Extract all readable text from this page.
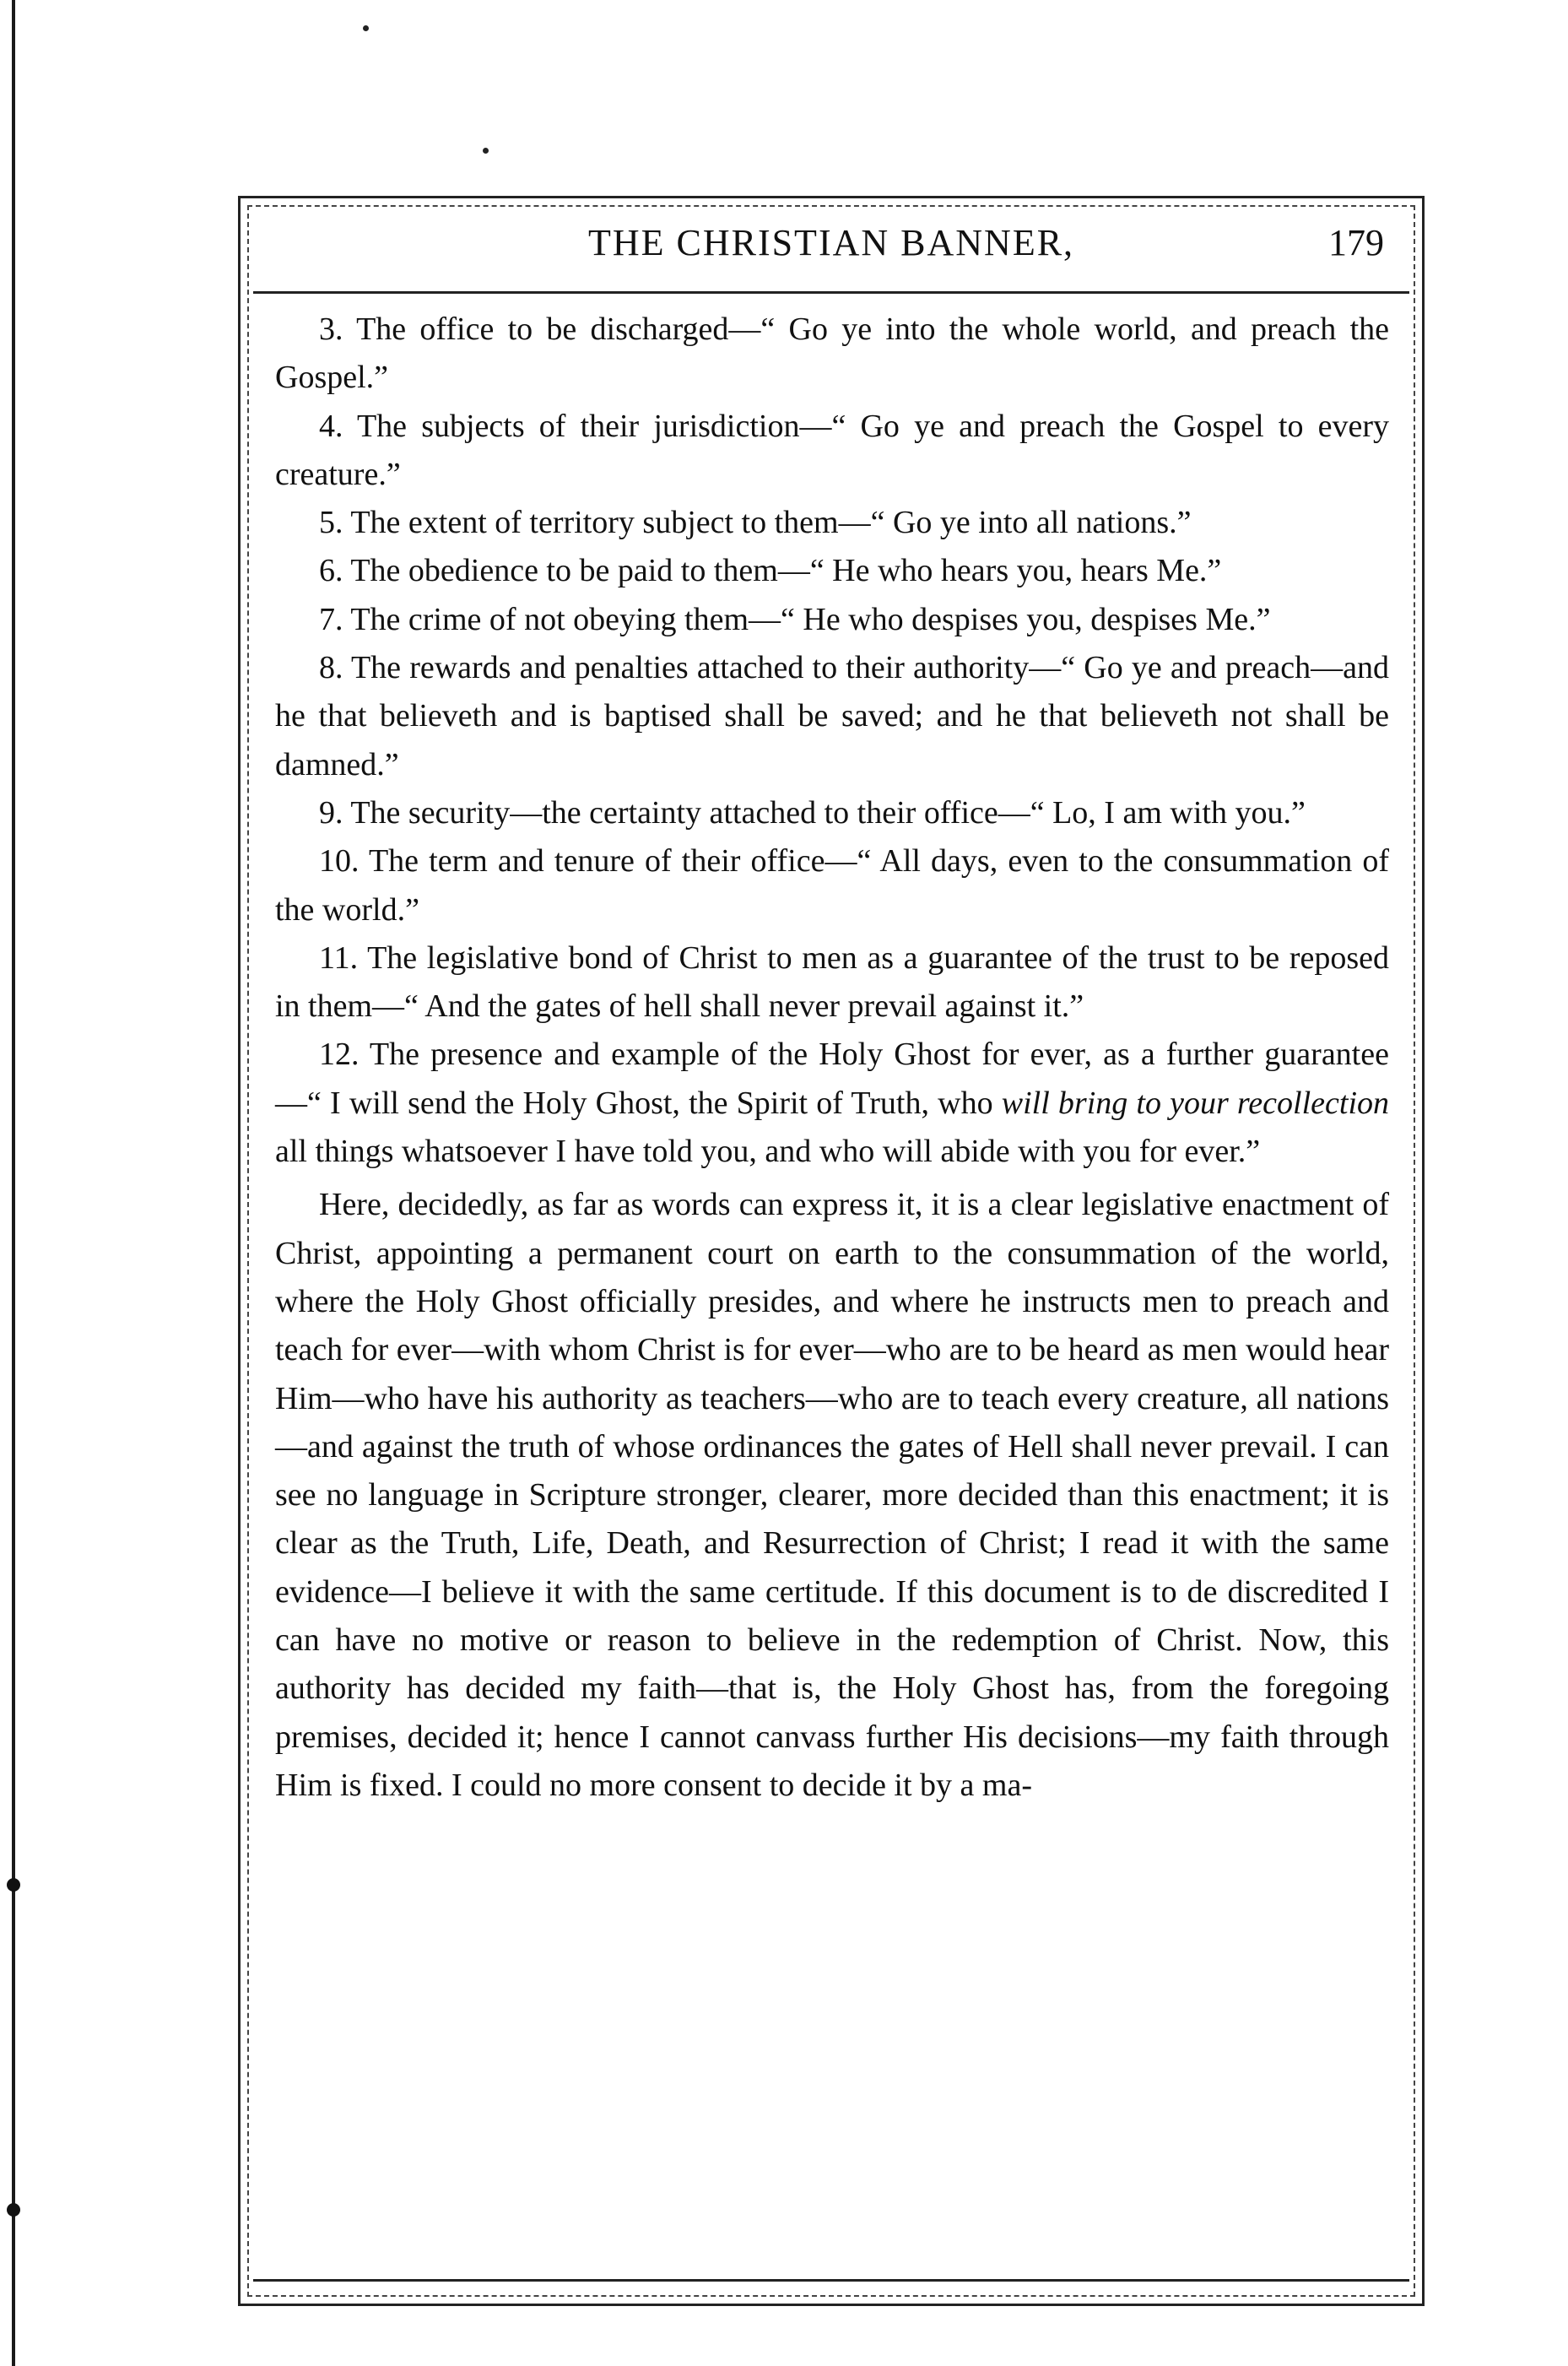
THE CHRISTIAN BANNER,	179

3. The office to be discharged—“ Go ye into the whole world, and preach the Gospel.”

4. The subjects of their jurisdiction—“ Go ye and preach the Gospel to every creature.”

5. The extent of territory subject to them—“ Go ye into all nations.”

6. The obedience to be paid to them—“ He who hears you, hears Me.”

7. The crime of not obeying them—“ He who despises you, despises Me.”

8. The rewards and penalties attached to their authority—“ Go ye and preach—and he that believeth and is baptised shall be saved; and he that believeth not shall be damned.”

9. The security—the certainty attached to their office—“ Lo, I am with you.”

10. The term and tenure of their office—“ All days, even to the consummation of the world.”

11. The legislative bond of Christ to men as a guarantee of the trust to be reposed in them—“ And the gates of hell shall never prevail against it.”

12. The presence and example of the Holy Ghost for ever, as a further guarantee—“ I will send the Holy Ghost, the Spirit of Truth, who will bring to your recollection all things whatsoever I have told you, and who will abide with you for ever.”

Here, decidedly, as far as words can express it, it is a clear legislative enactment of Christ, appointing a permanent court on earth to the consummation of the world, where the Holy Ghost officially presides, and where he instructs men to preach and teach for ever—with whom Christ is for ever—who are to be heard as men would hear Him—who have his authority as teachers—who are to teach every creature, all nations—and against the truth of whose ordinances the gates of Hell shall never prevail. I can see no language in Scripture stronger, clearer, more decided than this enactment; it is clear as the Truth, Life, Death, and Resurrection of Christ; I read it with the same evidence—I believe it with the same certitude. If this document is to de discredited I can have no motive or reason to believe in the redemption of Christ. Now, this authority has decided my faith—that is, the Holy Ghost has, from the foregoing premises, decided it; hence I cannot canvass further His decisions—my faith through Him is fixed. I could no more consent to decide it by a ma-
